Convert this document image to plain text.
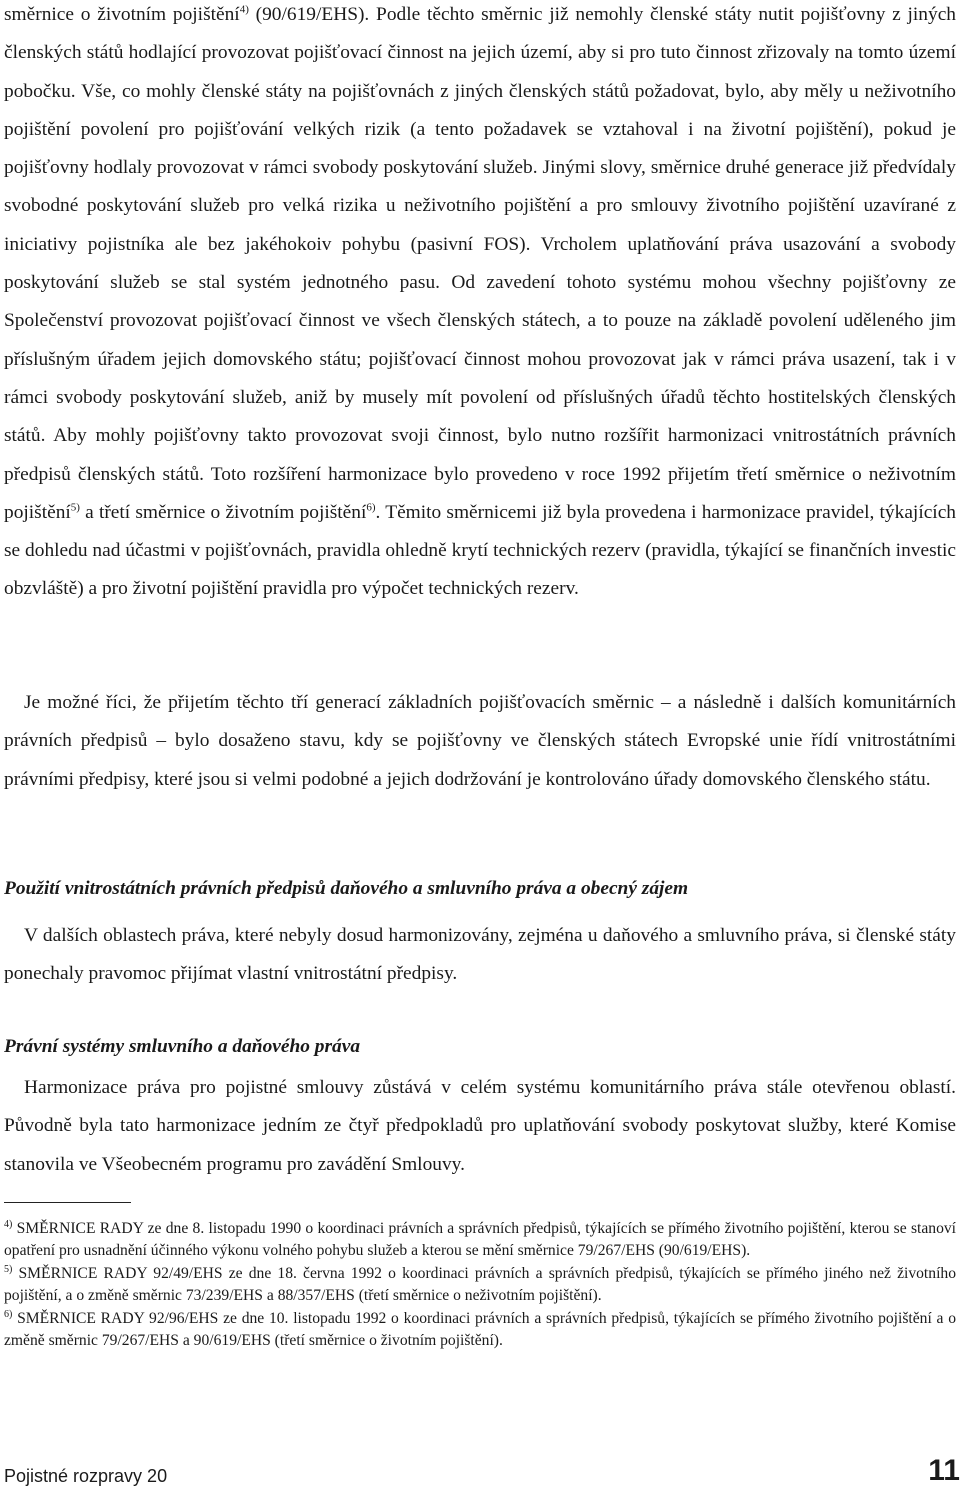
směrnice o životním pojištění$^{4)}$ (90/619/EHS). Podle těchto směrnic již nemohly členské státy nutit pojišťovny z jiných členských států hodlající provozovat pojišťovací činnost na jejich území, aby si pro tuto činnost zřizovaly na tomto území pobočku. Vše, co mohly členské státy na pojišťovnách z jiných členských států požadovat, bylo, aby měly u neživotního pojištění povolení pro pojišťování velkých rizik (a tento požadavek se vztahoval i na životní pojištění), pokud je pojišťovny hodlaly provozovat v rámci svobody poskytování služeb. Jinými slovy, směrnice druhé generace již předvídaly svobodné poskytování služeb pro velká rizika u neživotního pojištění a pro smlouvy životního pojištění uzavírané z iniciativy pojistníka ale bez jakéhokoiv pohybu (pasivní FOS). Vrcholem uplatňování práva usazování a svobody poskytování služeb se stal systém jednotného pasu. Od zavedení tohoto systému mohou všechny pojišťovny ze Společenství provozovat pojišťovací činnost ve všech členských státech, a to pouze na základě povolení uděleného jim příslušným úřadem jejich domovského státu; pojišťovací činnost mohou provozovat jak v rámci práva usazení, tak i v rámci svobody poskytování služeb, aniž by musely mít povolení od příslušných úřadů těchto hostitelských členských států. Aby mohly pojišťovny takto provozovat svoji činnost, bylo nutno rozšířit harmonizaci vnitrostátních právních předpisů členských států. Toto rozšíření harmonizace bylo provedeno v roce 1992 přijetím třetí směrnice o neživotním pojištění$^{5)}$ a třetí směrnice o životním pojištění$^{6)}$. Těmito směrnicemi již byla provedena i harmonizace pravidel, týkajících se dohledu nad účastmi v pojišťovnách, pravidla ohledně krytí technických rezerv (pravidla, týkající se finančních investic obzvláště) a pro životní pojištění pravidla pro výpočet technických rezerv.

Je možné říci, že přijetím těchto tří generací základních pojišťovacích směrnic – a následně i dalších komunitárních právních předpisů – bylo dosaženo stavu, kdy se pojišťovny ve členských státech Evropské unie řídí vnitrostátními právními předpisy, které jsou si velmi podobné a jejich dodržování je kontrolováno úřady domovského členského státu.

Použití vnitrostátních právních předpisů daňového a smluvního práva a obecný zájem

V dalších oblastech práva, které nebyly dosud harmonizovány, zejména u daňového a smluvního práva, si členské státy ponechaly pravomoc přijímat vlastní vnitrostátní předpisy.

Právní systémy smluvního a daňového práva

Harmonizace práva pro pojistné smlouvy zůstává v celém systému komunitárního práva stále otevřenou oblastí. Původně byla tato harmonizace jedním ze čtyř předpokladů pro uplatňování svobody poskytovat služby, které Komise stanovila ve Všeobecném programu pro zavádění Smlouvy.

$^{4)}$ SMĚRNICE RADY ze dne 8. listopadu 1990 o koordinaci právních a správních předpisů, týkajících se přímého životního pojištění, kterou se stanoví opatření pro usnadnění účinného výkonu volného pohybu služeb a kterou se mění směrnice 79/267/EHS (90/619/EHS).

$^{5)}$ SMĚRNICE RADY 92/49/EHS ze dne 18. června 1992 o koordinaci právních a správních předpisů, týkajících se přímého jiného než životního pojištění, a o změně směrnic 73/239/EHS a 88/357/EHS (třetí směrnice o neživotním pojištění).

$^{6)}$ SMĚRNICE RADY 92/96/EHS ze dne 10. listopadu 1992 o koordinaci právních a správních předpisů, týkajících se přímého životního pojištění a o změně směrnic 79/267/EHS a 90/619/EHS (třetí směrnice o životním pojištění).

Pojistné rozpravy 20	11
